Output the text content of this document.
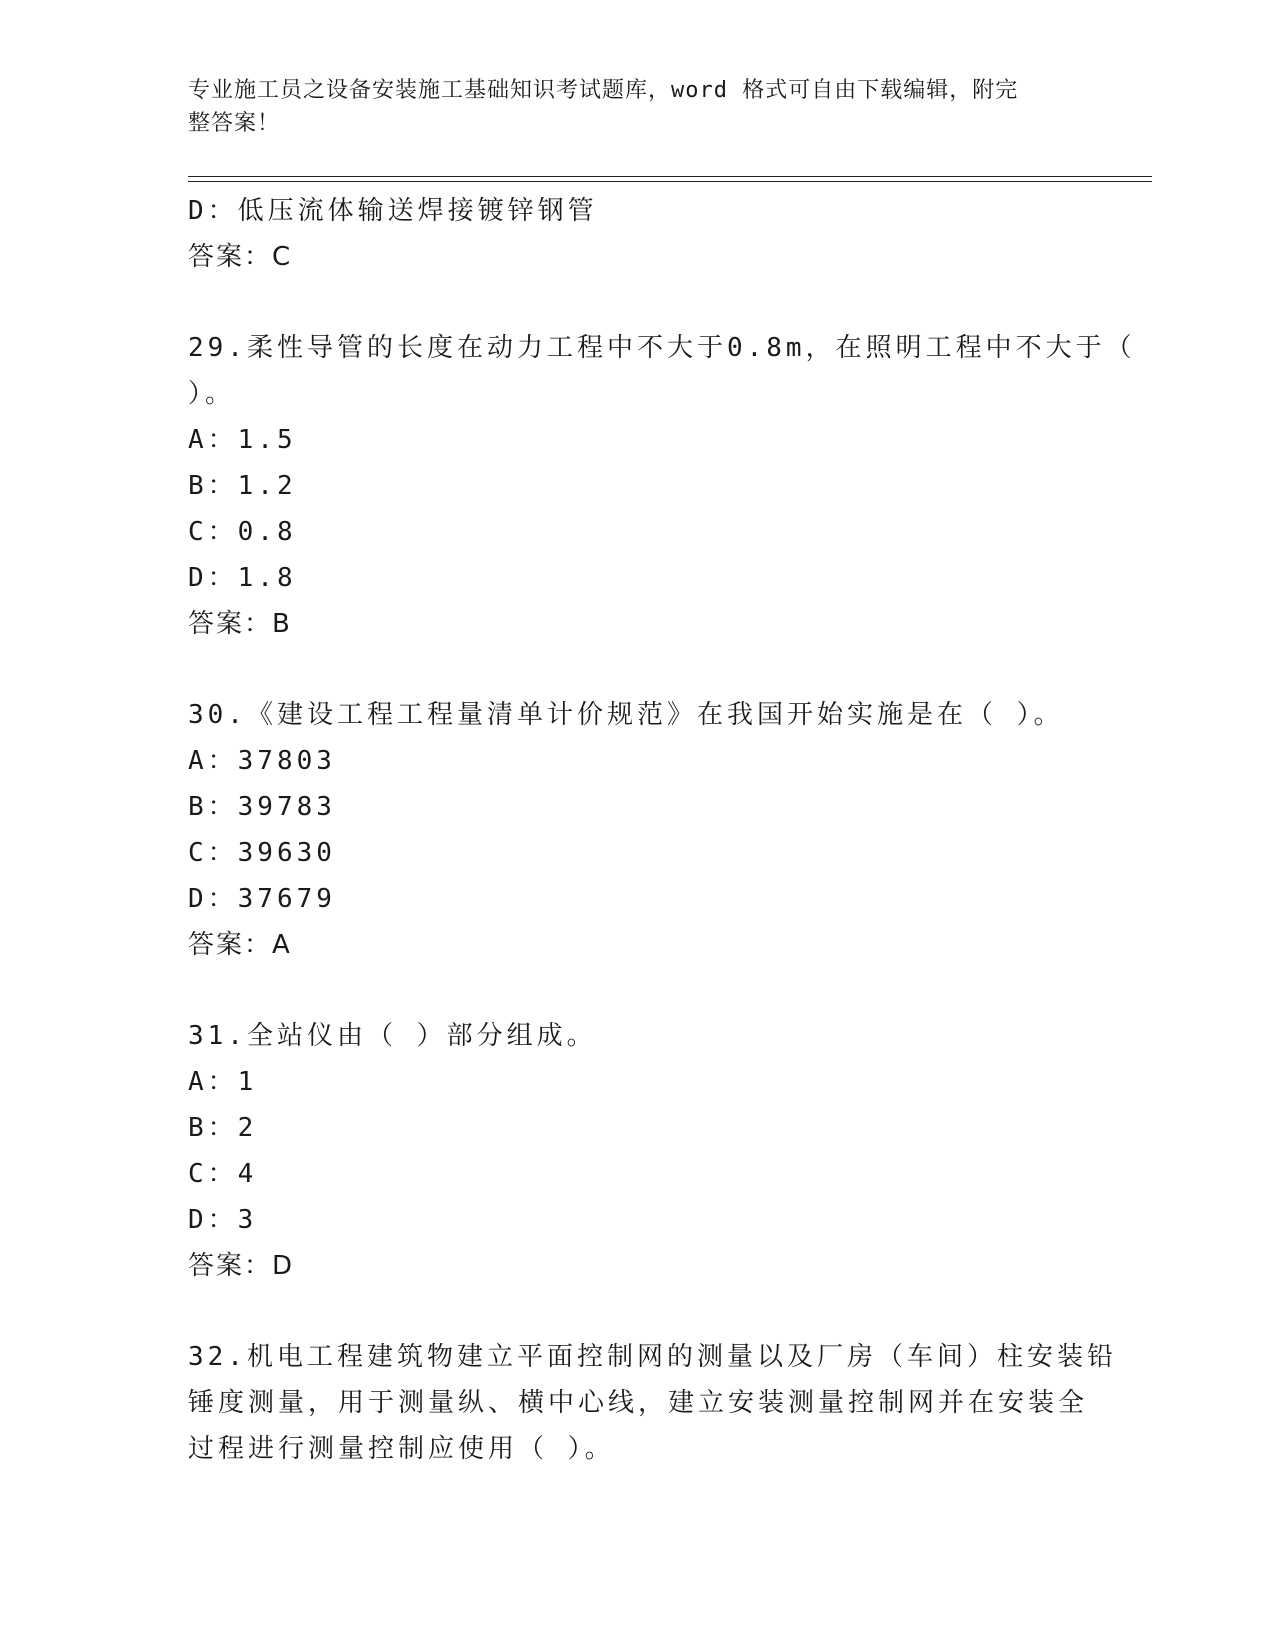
专业施工员之设备安装施工基础知识考试题库，word 格式可自由下载编辑，附完
整答案！
D：低压流体输送焊接镀锌钢管
答案：C
29.柔性导管的长度在动力工程中不大于0.8m，在照明工程中不大于（
）。
A：1.5
B：1.2
C：0.8
D：1.8
答案：B
30.《建设工程工程量清单计价规范》在我国开始实施是在（ ）。
A：37803
B：39783
C：39630
D：37679
答案：A
31.全站仪由（ ）部分组成。
A：1
B：2
C：4
D：3
答案：D
32.机电工程建筑物建立平面控制网的测量以及厂房（车间）柱安装铅
锤度测量，用于测量纵、横中心线，建立安装测量控制网并在安装全
过程进行测量控制应使用（ ）。
